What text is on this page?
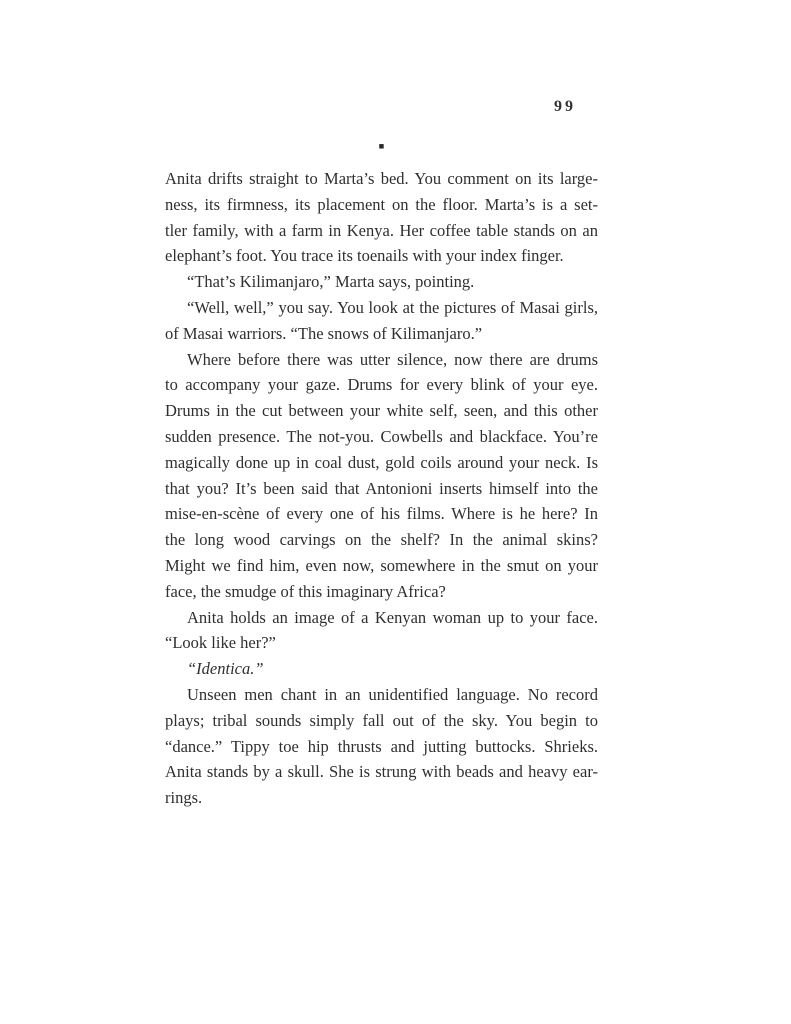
99
▪

Anita drifts straight to Marta’s bed. You comment on its large-
ness, its firmness, its placement on the floor. Marta’s is a set-
tler family, with a farm in Kenya. Her coffee table stands on an
elephant’s foot. You trace its toenails with your index finger.

“That’s Kilimanjaro,” Marta says, pointing.

“Well, well,” you say. You look at the pictures of Masai girls,
of Masai warriors. “The snows of Kilimanjaro.”

Where before there was utter silence, now there are drums
to accompany your gaze. Drums for every blink of your eye.
Drums in the cut between your white self, seen, and this other
sudden presence. The not-you. Cowbells and blackface. You’re
magically done up in coal dust, gold coils around your neck. Is
that you? It’s been said that Antonioni inserts himself into the
mise-en-scène of every one of his films. Where is he here? In
the long wood carvings on the shelf? In the animal skins?
Might we find him, even now, somewhere in the smut on your
face, the smudge of this imaginary Africa?

Anita holds an image of a Kenyan woman up to your face.
“Look like her?”

“Identica.”

Unseen men chant in an unidentified language. No record
plays; tribal sounds simply fall out of the sky. You begin to
“dance.” Tippy toe hip thrusts and jutting buttocks. Shrieks.
Anita stands by a skull. She is strung with beads and heavy ear-
rings.
